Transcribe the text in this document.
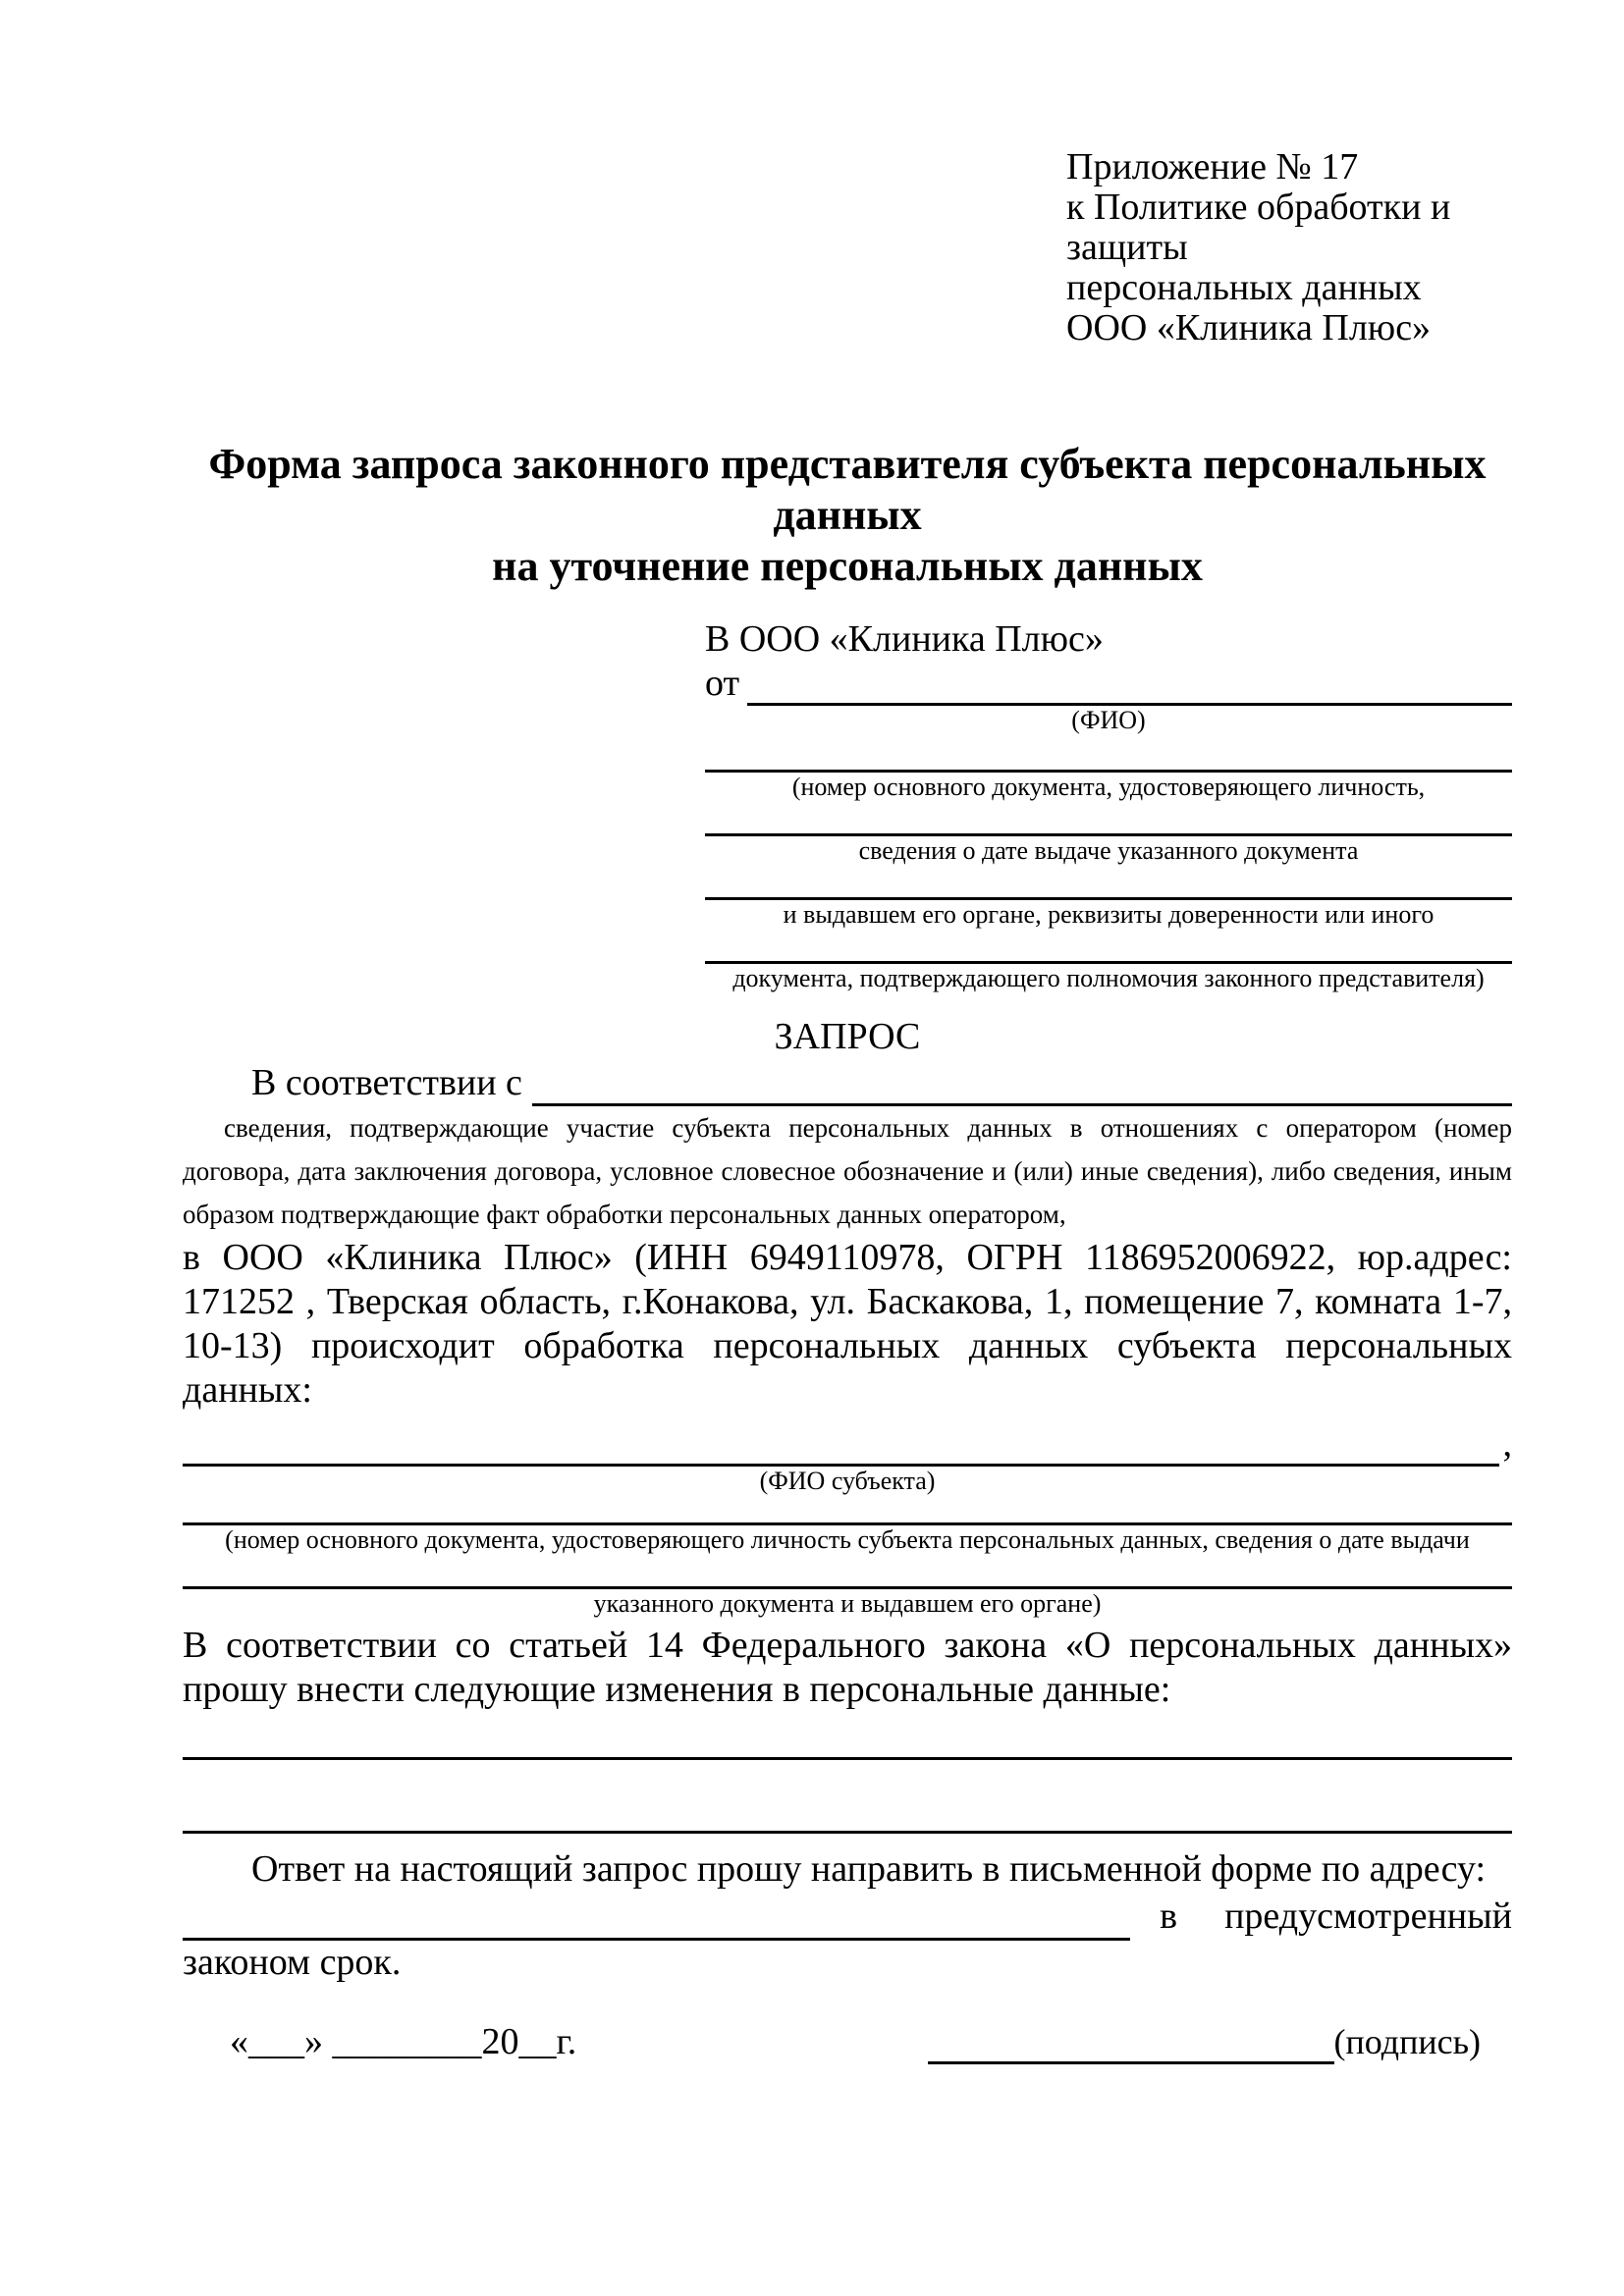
Приложение № 17
к Политике обработки и защиты
персональных данных
ООО «Клиника Плюс»
Форма запроса законного представителя субъекта персональных данных
на уточнение персональных данных
В ООО «Клиника Плюс»
от
(ФИО)
(номер основного документа, удостоверяющего личность,
сведения о дате выдаче указанного документа
и выдавшем его органе, реквизиты доверенности или иного
документа, подтверждающего полномочия законного представителя)
ЗАПРОС
В соответствии с
сведения, подтверждающие участие субъекта персональных данных в отношениях с оператором (номер договора, дата заключения договора, условное словесное обозначение и (или) иные сведения), либо сведения, иным образом подтверждающие факт обработки персональных данных оператором,

в ООО «Клиника Плюс» (ИНН 6949110978, ОГРН 1186952006922, юр.адрес: 171252 , Тверская область, г.Конакова, ул. Баскакова, 1, помещение 7, комната 1-7, 10-13) происходит обработка персональных данных субъекта персональных данных:

,
(ФИО субъекта)
(номер основного документа, удостоверяющего личность субъекта персональных данных, сведения о дате выдачи
указанного документа и выдавшем его органе)

В соответствии со статьей 14 Федерального закона «О персональных данных» прошу внести следующие изменения в персональные данные:

Ответ на настоящий запрос прошу направить в письменной форме по адресу:

в предусмотренный

законом срок.

«___» ________20__г.	(подпись)
